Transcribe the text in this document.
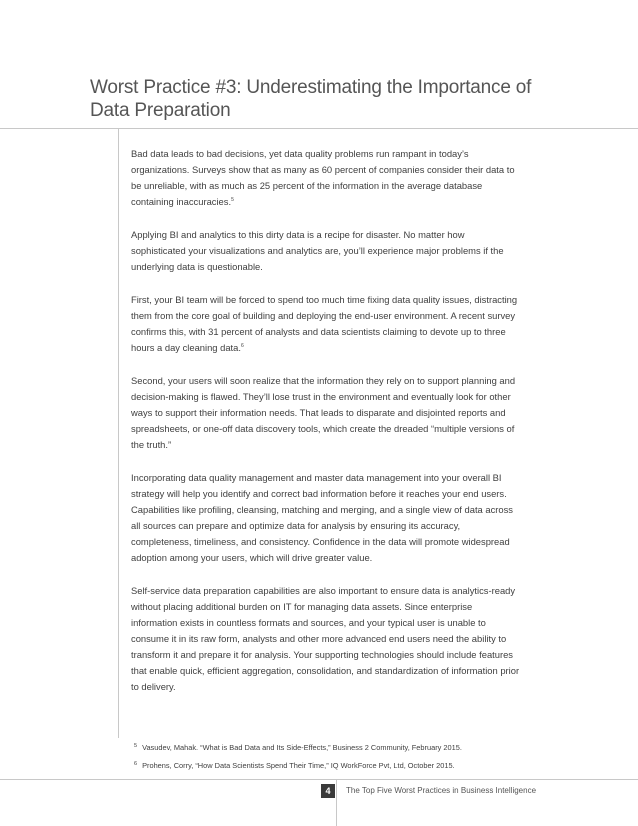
Worst Practice #3: Underestimating the Importance of Data Preparation

Bad data leads to bad decisions, yet data quality problems run rampant in today’s organizations. Surveys show that as many as 60 percent of companies consider their data to be unreliable, with as much as 25 percent of the information in the average database containing inaccuracies.$^5$

Applying BI and analytics to this dirty data is a recipe for disaster. No matter how sophisticated your visualizations and analytics are, you’ll experience major problems if the underlying data is questionable.

First, your BI team will be forced to spend too much time fixing data quality issues, distracting them from the core goal of building and deploying the end-user environment. A recent survey confirms this, with 31 percent of analysts and data scientists claiming to devote up to three hours a day cleaning data.$^6$

Second, your users will soon realize that the information they rely on to support planning and decision-making is flawed. They’ll lose trust in the environment and eventually look for other ways to support their information needs. That leads to disparate and disjointed reports and spreadsheets, or one-off data discovery tools, which create the dreaded “multiple versions of the truth.”

Incorporating data quality management and master data management into your overall BI strategy will help you identify and correct bad information before it reaches your end users. Capabilities like profiling, cleansing, matching and merging, and a single view of data across all sources can prepare and optimize data for analysis by ensuring its accuracy, completeness, timeliness, and consistency. Confidence in the data will promote widespread adoption among your users, which will drive greater value.

Self-service data preparation capabilities are also important to ensure data is analytics-ready without placing additional burden on IT for managing data assets. Since enterprise information exists in countless formats and sources, and your typical user is unable to consume it in its raw form, analysts and other more advanced end users need the ability to transform it and prepare it for analysis. Your supporting technologies should include features that enable quick, efficient aggregation, consolidation, and standardization of information prior to delivery.

$^5$ Vasudev, Mahak. “What is Bad Data and Its Side-Effects,” Business 2 Community, February 2015.
$^6$ Prohens, Corry, “How Data Scientists Spend Their Time,” IQ WorkForce Pvt, Ltd, October 2015.
4	The Top Five Worst Practices in Business Intelligence
